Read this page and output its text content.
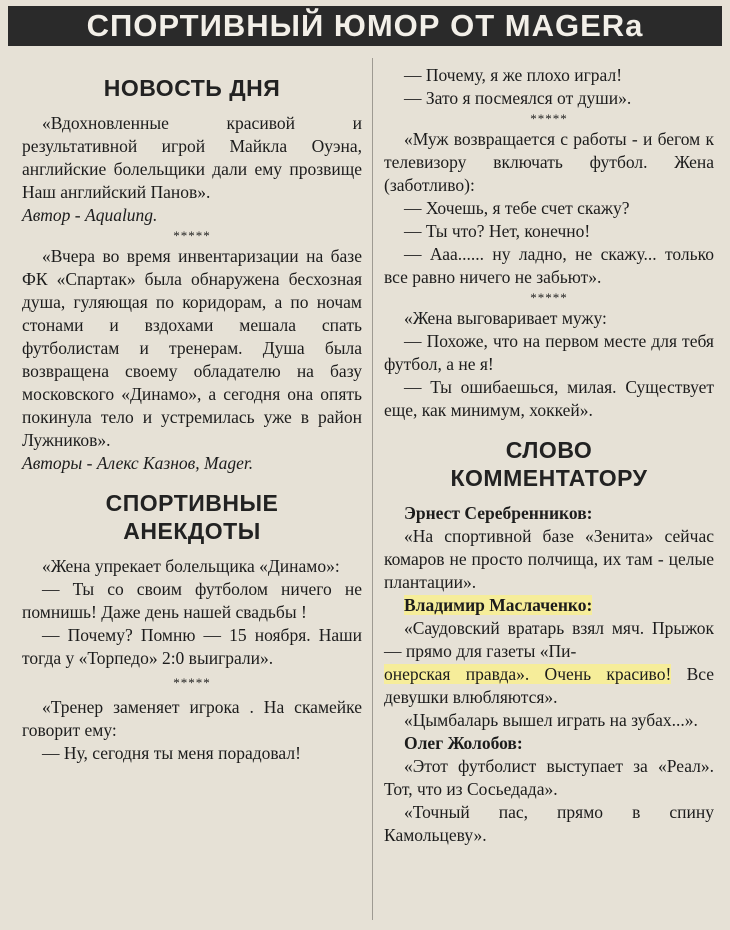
СПОРТИВНЫЙ ЮМОР ОТ MAGERа
НОВОСТЬ ДНЯ

«Вдохновленные красивой и результативной игрой Майкла Оуэна, английские болельщики дали ему прозвище Наш английский Панов».

Автор - Aqualung.

*****

«Вчера во время инвентаризации на базе ФК «Спартак» была обнаружена бесхозная душа, гуляющая по коридорам, а по ночам стонами и вздохами мешала спать футболистам и тренерам. Душа была возвращена своему обладателю на базу московского «Динамо», а сегодня она опять покинула тело и устремилась уже в район Лужников».

Авторы - Алекс Казнов, Mager.

СПОРТИВНЫЕ
АНЕКДОТЫ

«Жена упрекает болельщика «Динамо»:

— Ты со своим футболом ничего не помнишь! Даже день нашей свадьбы !

— Почему? Помню — 15 ноября. Наши тогда у «Торпедо» 2:0 выиграли».

*****

«Тренер заменяет игрока . На скамейке говорит ему:

— Ну, сегодня ты меня порадовал!

— Почему, я же плохо играл!

— Зато я посмеялся от души».

*****

«Муж возвращается с работы - и бегом к телевизору включать футбол. Жена (заботливо):

— Хочешь, я тебе счет скажу?

— Ты что? Нет, конечно!

— Ааа...... ну ладно, не скажу... только все равно ничего не забьют».

*****

«Жена выговаривает мужу:

— Похоже, что на первом месте для тебя футбол, а не я!

— Ты ошибаешься, милая. Существует еще, как минимум, хоккей».

СЛОВО
КОММЕНТАТОРУ
Эрнест Серебренников:

«На спортивной базе «Зенита» сейчас комаров не просто полчища, их там - целые плантации».

Владимир Маслаченко:

«Саудовский вратарь взял мяч. Прыжок — прямо для газеты «Пи-
онерская правда». Очень красиво! Все девушки влюбляются».

«Цымбаларь вышел играть на зубах...».

Олег Жолобов:

«Этот футболист выступает за «Реал». Тот, что из Сосьедада».

«Точный пас, прямо в спину Камольцеву».
